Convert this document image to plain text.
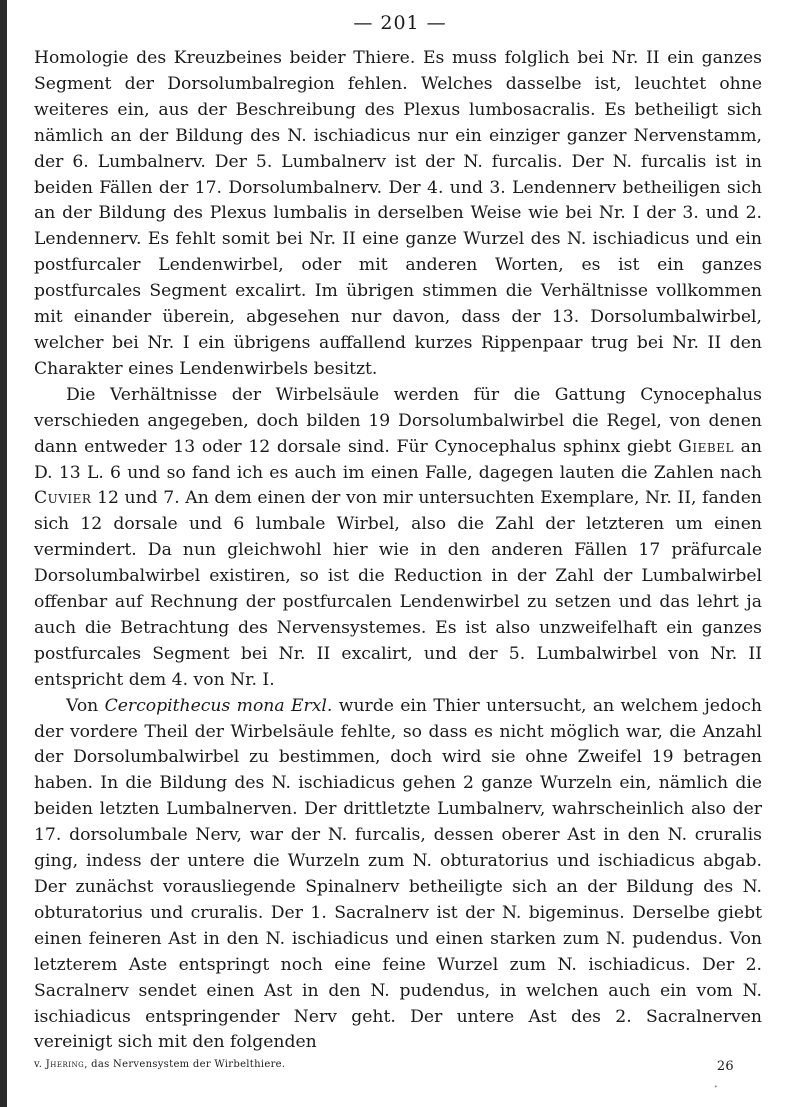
— 201 —

Homologie des Kreuzbeines beider Thiere. Es muss folglich bei Nr. II ein ganzes Segment der Dorsolumbalregion fehlen. Welches dasselbe ist, leuchtet ohne weiteres ein, aus der Beschreibung des Plexus lumbosacralis. Es betheiligt sich nämlich an der Bildung des N. ischiadicus nur ein einziger ganzer Nervenstamm, der 6. Lumbalnerv. Der 5. Lumbalnerv ist der N. furcalis. Der N. furcalis ist in beiden Fällen der 17. Dorsolumbalnerv. Der 4. und 3. Lendennerv betheiligen sich an der Bildung des Plexus lumbalis in derselben Weise wie bei Nr. I der 3. und 2. Lendennerv. Es fehlt somit bei Nr. II eine ganze Wurzel des N. ischiadicus und ein postfurcaler Lendenwirbel, oder mit anderen Worten, es ist ein ganzes postfurcales Segment excalirt. Im übrigen stimmen die Verhältnisse vollkommen mit einander überein, abgesehen nur davon, dass der 13. Dorsolumbalwirbel, welcher bei Nr. I ein übrigens auffallend kurzes Rippenpaar trug bei Nr. II den Charakter eines Lendenwirbels besitzt.

Die Verhältnisse der Wirbelsäule werden für die Gattung Cynocephalus verschieden angegeben, doch bilden 19 Dorsolumbalwirbel die Regel, von denen dann entweder 13 oder 12 dorsale sind. Für Cynocephalus sphinx giebt Giebel an D. 13 L. 6 und so fand ich es auch im einen Falle, dagegen lauten die Zahlen nach Cuvier 12 und 7. An dem einen der von mir untersuchten Exemplare, Nr. II, fanden sich 12 dorsale und 6 lumbale Wirbel, also die Zahl der letzteren um einen vermindert. Da nun gleichwohl hier wie in den anderen Fällen 17 präfurcale Dorsolumbalwirbel existiren, so ist die Reduction in der Zahl der Lumbalwirbel offenbar auf Rechnung der postfurcalen Lendenwirbel zu setzen und das lehrt ja auch die Betrachtung des Nervensystemes. Es ist also unzweifelhaft ein ganzes postfurcales Segment bei Nr. II excalirt, und der 5. Lumbalwirbel von Nr. II entspricht dem 4. von Nr. I.

Von Cercopithecus mona Erxl. wurde ein Thier untersucht, an welchem jedoch der vordere Theil der Wirbelsäule fehlte, so dass es nicht möglich war, die Anzahl der Dorsolumbalwirbel zu bestimmen, doch wird sie ohne Zweifel 19 betragen haben. In die Bildung des N. ischiadicus gehen 2 ganze Wurzeln ein, nämlich die beiden letzten Lumbalnerven. Der drittletzte Lumbalnerv, wahrscheinlich also der 17. dorsolumbale Nerv, war der N. furcalis, dessen oberer Ast in den N. cruralis ging, indess der untere die Wurzeln zum N. obturatorius und ischiadicus abgab. Der zunächst vorausliegende Spinalnerv betheiligte sich an der Bildung des N. obturatorius und cruralis. Der 1. Sacralnerv ist der N. bigeminus. Derselbe giebt einen feineren Ast in den N. ischiadicus und einen starken zum N. pudendus. Von letzterem Aste entspringt noch eine feine Wurzel zum N. ischiadicus. Der 2. Sacralnerv sendet einen Ast in den N. pudendus, in welchen auch ein vom N. ischiadicus entspringender Nerv geht. Der untere Ast des 2. Sacralnerven vereinigt sich mit den folgenden

v. Jhering, das Nervensystem der Wirbelthiere.	26
•
